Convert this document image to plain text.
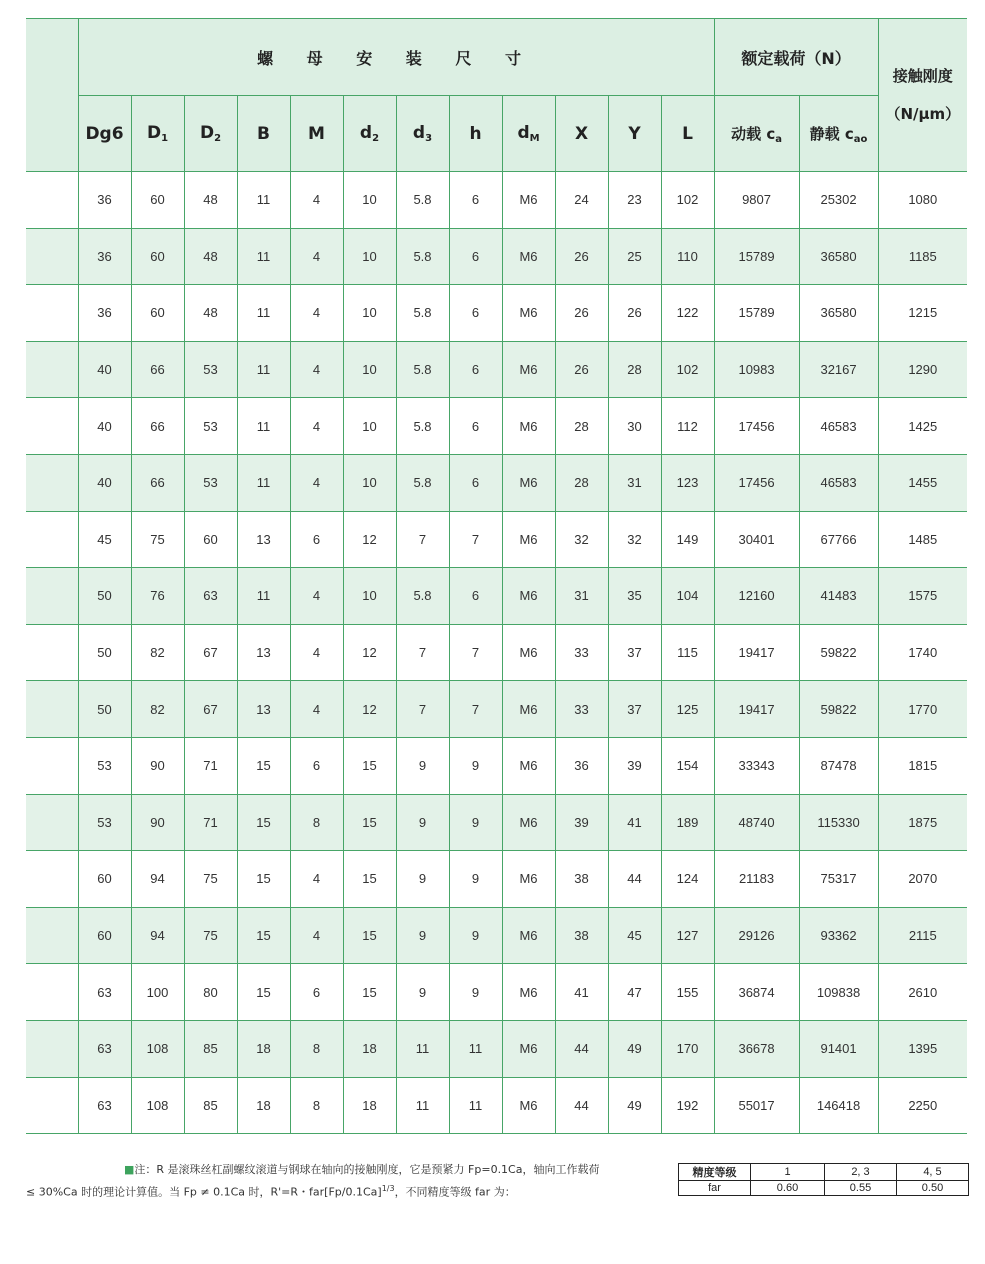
	螺 母 安 装 尺 寸												额定载荷（N）		接触刚度
（N/μm）

	Dg6	$D_1$	$D_2$	B	M	$d_2$	$d_3$	h	$d_M$	X	Y	L	动载 $c_a$	静载 $c_{ao}$
	36	60	48	11	4	10	5.8	6	M6	24	23	102	9807	25302	1080
	36	60	48	11	4	10	5.8	6	M6	26	25	110	15789	36580	1185
	36	60	48	11	4	10	5.8	6	M6	26	26	122	15789	36580	1215
	40	66	53	11	4	10	5.8	6	M6	26	28	102	10983	32167	1290
	40	66	53	11	4	10	5.8	6	M6	28	30	112	17456	46583	1425
	40	66	53	11	4	10	5.8	6	M6	28	31	123	17456	46583	1455
	45	75	60	13	6	12	7	7	M6	32	32	149	30401	67766	1485
	50	76	63	11	4	10	5.8	6	M6	31	35	104	12160	41483	1575
	50	82	67	13	4	12	7	7	M6	33	37	115	19417	59822	1740
	50	82	67	13	4	12	7	7	M6	33	37	125	19417	59822	1770
	53	90	71	15	6	15	9	9	M6	36	39	154	33343	87478	1815
	53	90	71	15	8	15	9	9	M6	39	41	189	48740	115330	1875
	60	94	75	15	4	15	9	9	M6	38	44	124	21183	75317	2070
	60	94	75	15	4	15	9	9	M6	38	45	127	29126	93362	2115
	63	100	80	15	6	15	9	9	M6	41	47	155	36874	109838	2610
	63	108	85	18	8	18	11	11	M6	44	49	170	36678	91401	1395
	63	108	85	18	8	18	11	11	M6	44	49	192	55017	146418	2250
■注：R 是滚珠丝杠副螺纹滚道与钢球在轴向的接触刚度，它是预紧力 Fp=0.1Ca，轴向工作载荷
≤ 30%Ca 时的理论计算值。当 Fp ≠ 0.1Ca 时，R'=R・$far[Fp/0.1Ca]^{1/3}$，不同精度等级 far 为：
精度等级	1	2, 3	4, 5
far	0.60	0.55	0.50
